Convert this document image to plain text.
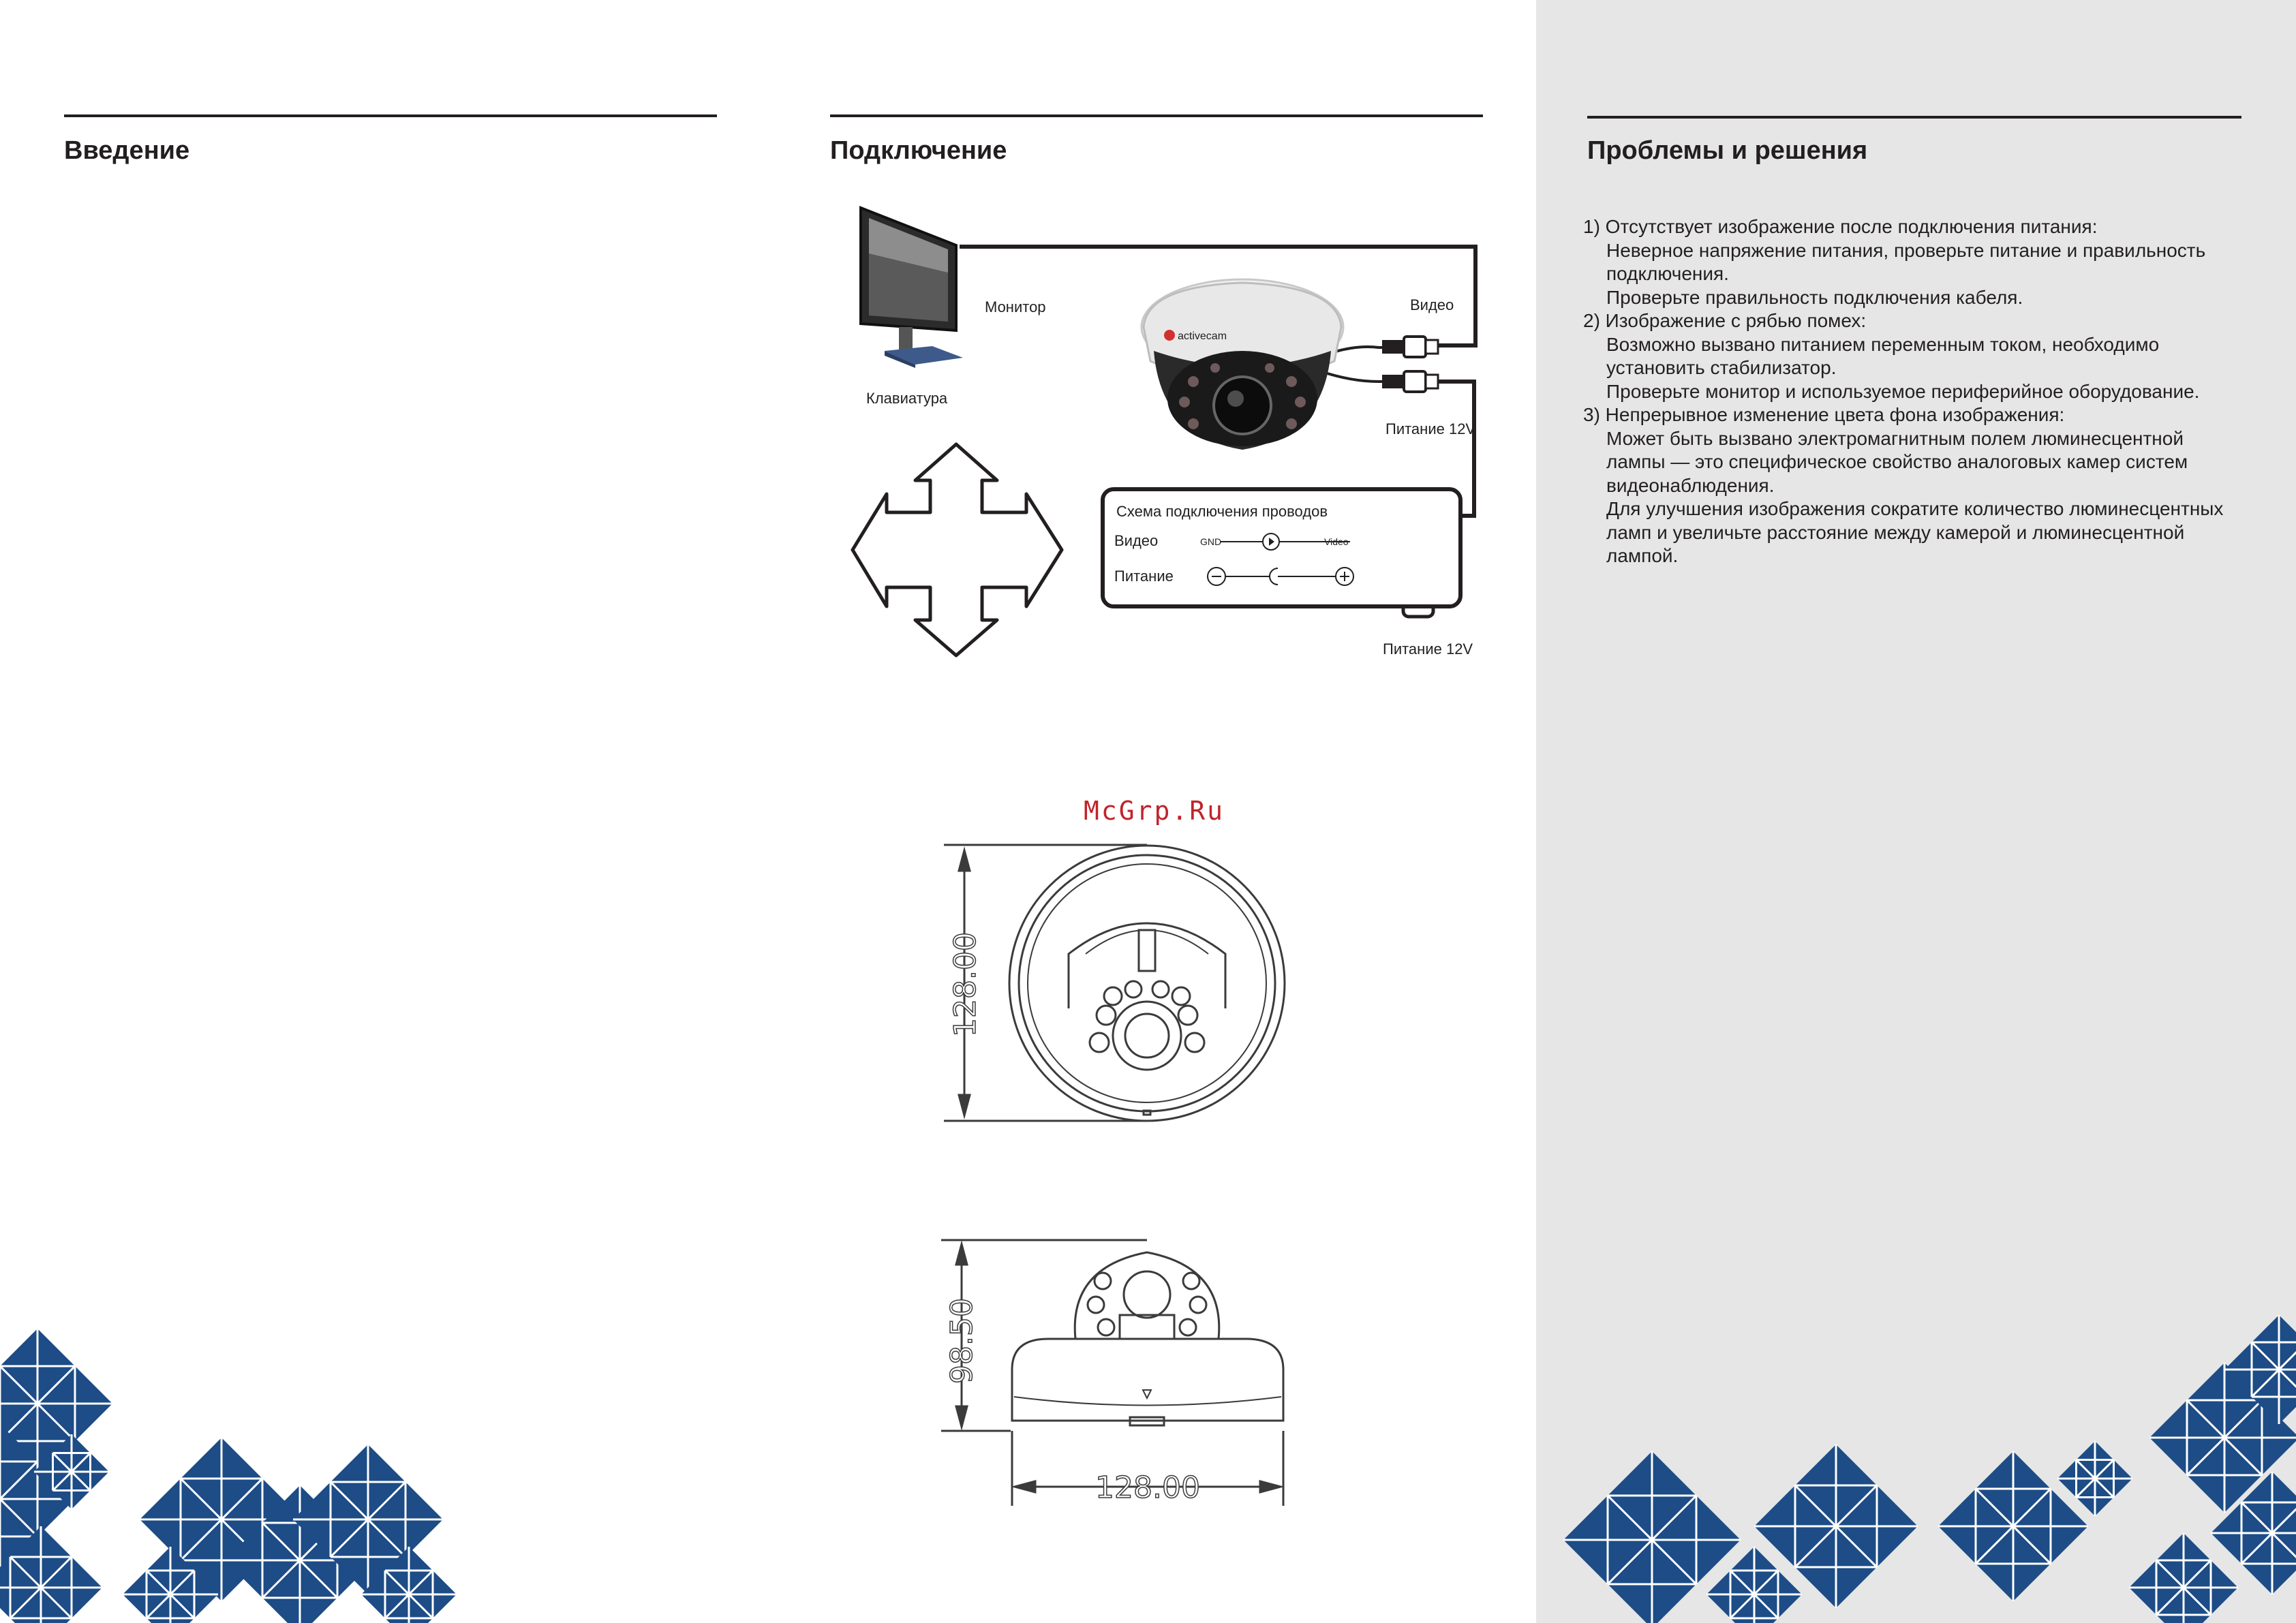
Введение	Подключение
Монитор
Клавиатура
Видео
Питание 12V
Питание 12V
activecam
Схема подключения проводов
Видео	GND	Video
Питание
128.00
98.50
128.00
McGrp.Ru
Проблемы и решения
1) Отсутствует изображение после подключения питания:
Неверное напряжение питания, проверьте питание и правильность подключения.
Проверьте правильность подключения кабеля.
2) Изображение с рябью помех:
Возможно вызвано питанием переменным током, необходимо установить стабилизатор.
Проверьте монитор и используемое периферийное оборудование.
3) Непрерывное изменение цвета фона изображения:
Может быть вызвано электромагнитным полем люминесцентной лампы — это специфическое свойство аналоговых камер систем видеонаблюдения.
Для улучшения изображения сократите количество люминесцентных ламп и увеличьте расстояние между камерой и люминесцентной лампой.
